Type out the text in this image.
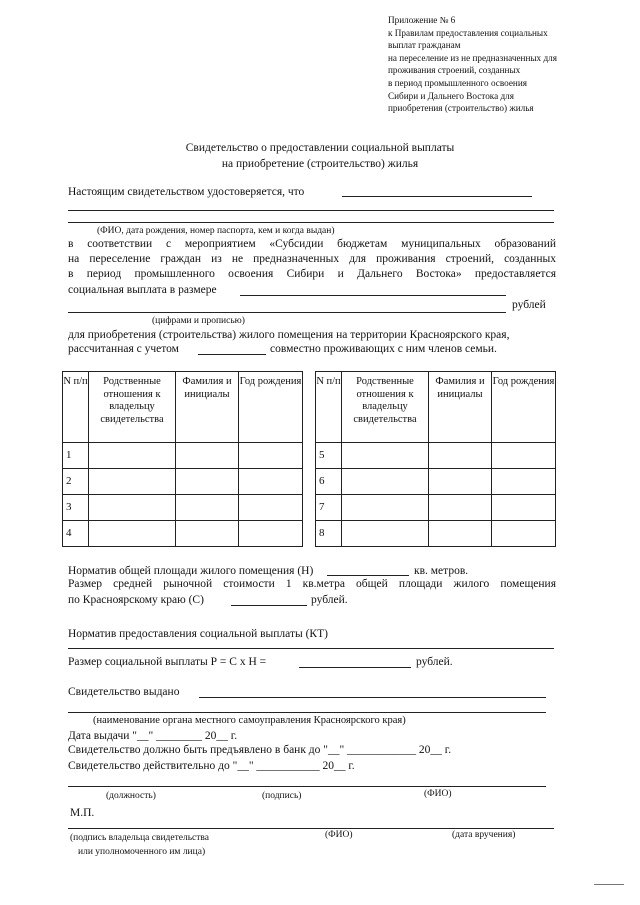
Приложение № 6
к Правилам предоставления социальных
выплат гражданам
на переселение из не предназначенных для
проживания строений, созданных
в период промышленного освоения
Сибири и Дальнего Востока для
приобретения (строительство) жилья
Свидетельство о предоставлении социальной выплаты
на приобретение (строительство) жилья
Настоящим свидетельством удостоверяется, что
(ФИО, дата рождения, номер паспорта, кем и когда выдан)
в соответствии с мероприятием «Субсидии бюджетам муниципальных образований
на переселение граждан из не предназначенных для проживания строений, созданных
в период промышленного освоения Сибири и Дальнего Востока» предоставляется
социальная выплата в размере
рублей
(цифрами и прописью)
для приобретения (строительства) жилого помещения на территории Красноярского края,
рассчитанная с учетом	совместно проживающих с ним членов семьи.
N п/п	Родственные отношения к владельцу свидетельства	Фамилия и инициалы	Год рождения
1			
2			
3			
4			
N п/п	Родственные отношения к владельцу свидетельства	Фамилия и инициалы	Год рождения
5			
6			
7			
8			
Норматив общей площади жилого помещения (Н)	кв. метров.
Размер средней рыночной стоимости 1 кв.метра общей площади жилого помещения
по Красноярскому краю (С)	рублей.
Норматив предоставления социальной выплаты (КТ)
Размер социальной выплаты Р = С х Н =	рублей.
Свидетельство выдано
(наименование органа местного самоуправления Красноярского края)
Дата выдачи "__" ________ 20__ г.
Свидетельство должно быть предъявлено в банк до "__" ____________ 20__ г.
Свидетельство действительно до "__" ___________ 20__ г.
(должность)	(подпись)	(ФИО)
М.П.
(подпись владельца свидетельства
или уполномоченного им лица)
(ФИО)	(дата вручения)
